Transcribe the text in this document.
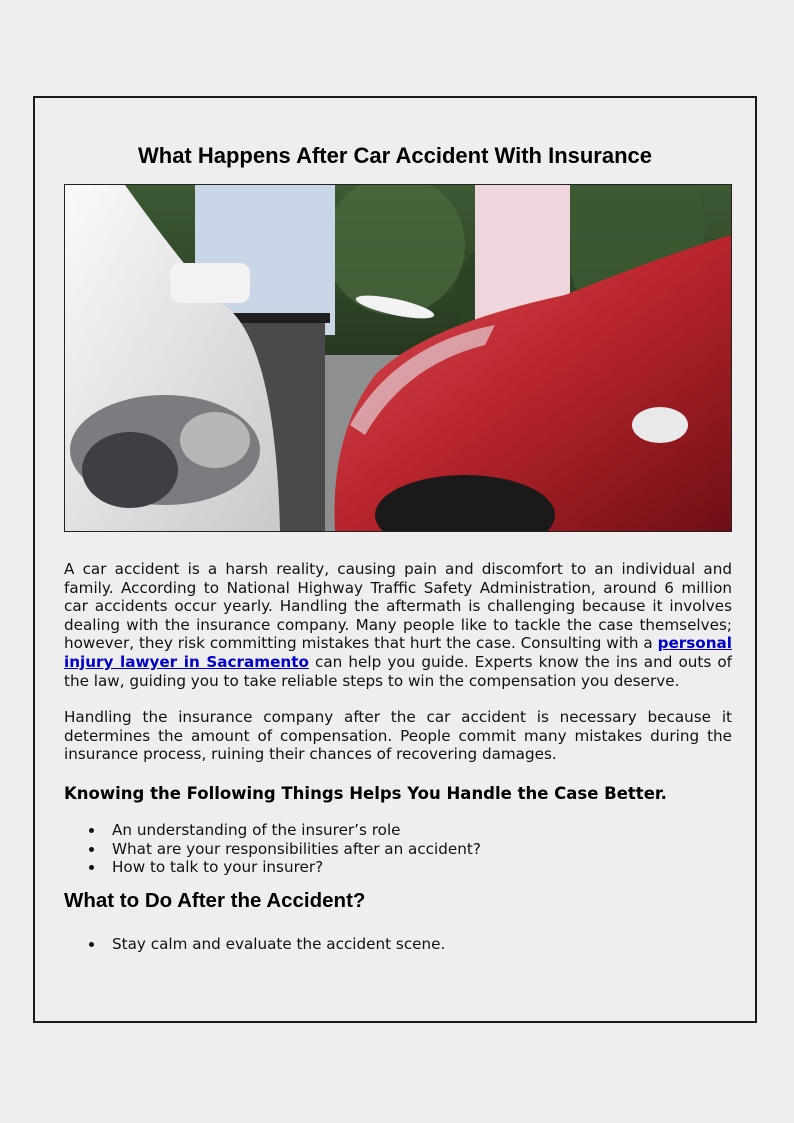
What Happens After Car Accident With Insurance

A car accident is a harsh reality, causing pain and discomfort to an individual and family. According to National Highway Traffic Safety Administration, around 6 million car accidents occur yearly. Handling the aftermath is challenging because it involves dealing with the insurance company. Many people like to tackle the case themselves; however, they risk committing mistakes that hurt the case. Consulting with a personal injury lawyer in Sacramento can help you guide. Experts know the ins and outs of the law, guiding you to take reliable steps to win the compensation you deserve.

Handling the insurance company after the car accident is necessary because it determines the amount of compensation. People commit many mistakes during the insurance process, ruining their chances of recovering damages.

Knowing the Following Things Helps You Handle the Case Better.
An understanding of the insurer’s role
What are your responsibilities after an accident?
How to talk to your insurer?
What to Do After the Accident?
Stay calm and evaluate the accident scene.
